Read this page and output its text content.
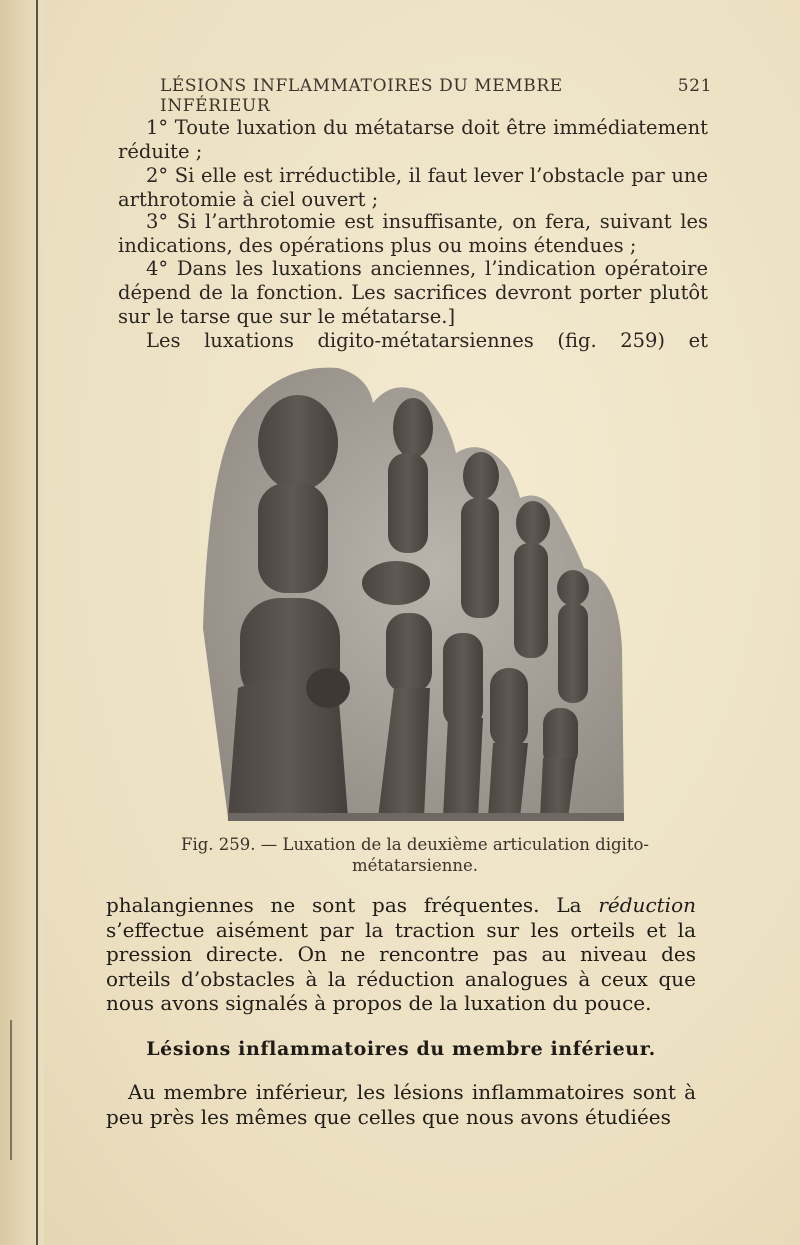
LÉSIONS INFLAMMATOIRES DU MEMBRE INFÉRIEUR
521
1° Toute luxation du métatarse doit être immédiatement réduite ;
2° Si elle est irréductible, il faut lever l’obstacle par une arthrotomie à ciel ouvert ;
3° Si l’arthrotomie est insuffisante, on fera, suivant les indications, des opérations plus ou moins étendues ;
4° Dans les luxations anciennes, l’indication opératoire dépend de la fonction. Les sacrifices devront porter plutôt sur le tarse que sur le métatarse.]
Les luxations digito-métatarsiennes (fig. 259) et
Fig. 259. — Luxation de la deuxième articulation digito-métatarsienne.
phalangiennes ne sont pas fréquentes. La réduction s’effectue aisément par la traction sur les orteils et la pression directe. On ne rencontre pas au niveau des orteils d’obstacles à la réduction analogues à ceux que nous avons signalés à propos de la luxation du pouce.
Lésions inflammatoires du membre inférieur.
Au membre inférieur, les lésions inflammatoires sont à peu près les mêmes que celles que nous avons étudiées
